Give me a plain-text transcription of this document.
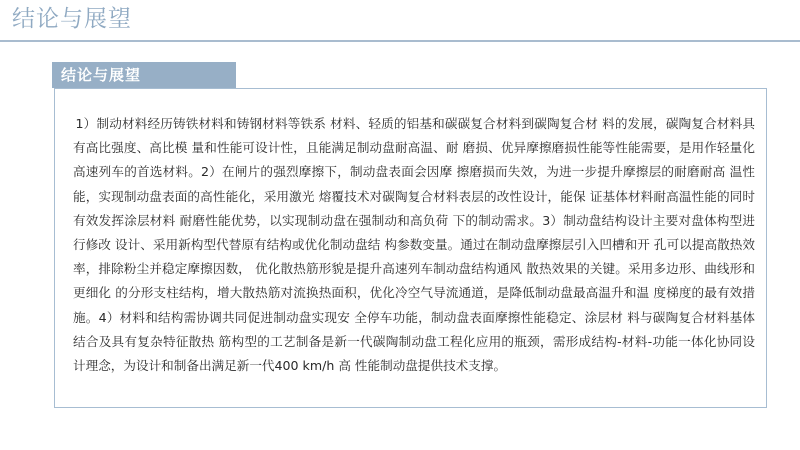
结论与展望
结论与展望
1）制动材料经历铸铁材料和铸钢材料等铁系 材料、轻质的铝基和碳碳复合材料到碳陶复合材 料的发展，碳陶复合材料具有高比强度、高比模 量和性能可设计性，且能满足制动盘耐高温、耐 磨损、优异摩擦磨损性能等性能需要，是用作轻量化高速列车的首选材料。2）在闸片的强烈摩擦下，制动盘表面会因摩 擦磨损而失效，为进一步提升摩擦层的耐磨耐高 温性能，实现制动盘表面的高性能化，采用激光 熔覆技术对碳陶复合材料表层的改性设计，能保 证基体材料耐高温性能的同时有效发挥涂层材料 耐磨性能优势，以实现制动盘在强制动和高负荷 下的制动需求。3）制动盘结构设计主要对盘体构型进行修改 设计、采用新构型代替原有结构或优化制动盘结 构参数变量。通过在制动盘摩擦层引入凹槽和开 孔可以提高散热效率，排除粉尘并稳定摩擦因数， 优化散热筋形貌是提升高速列车制动盘结构通风 散热效果的关键。采用多边形、曲线形和更细化 的分形支柱结构，增大散热筋对流换热面积，优化冷空气导流通道，是降低制动盘最高温升和温 度梯度的最有效措施。4）材料和结构需协调共同促进制动盘实现安 全停车功能，制动盘表面摩擦性能稳定、涂层材 料与碳陶复合材料基体结合及具有复杂特征散热 筋构型的工艺制备是新一代碳陶制动盘工程化应用的瓶颈，需形成结构-材料-功能一体化协同设 计理念，为设计和制备出满足新一代400 km/h 高 性能制动盘提供技术支撑。
